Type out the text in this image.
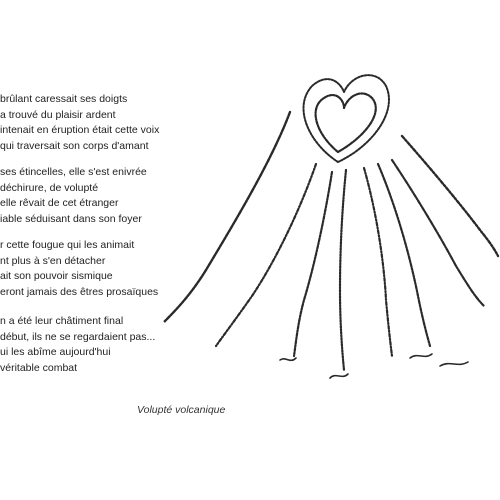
brûlant caressait ses doigts
a trouvé du plaisir ardent
intenait en éruption était cette voix
qui traversait son corps d'amant
ses étincelles, elle s'est enivrée
déchirure, de volupté
elle rêvait de cet étranger
iable séduisant dans son foyer
r cette fougue qui les animait
nt plus à s'en détacher
ait son pouvoir sismique
eront jamais des êtres prosaïques
n a été leur châtiment final
début, ils ne se regardaient pas...
ui les abîme aujourd'hui
véritable combat
Volupté volcanique
